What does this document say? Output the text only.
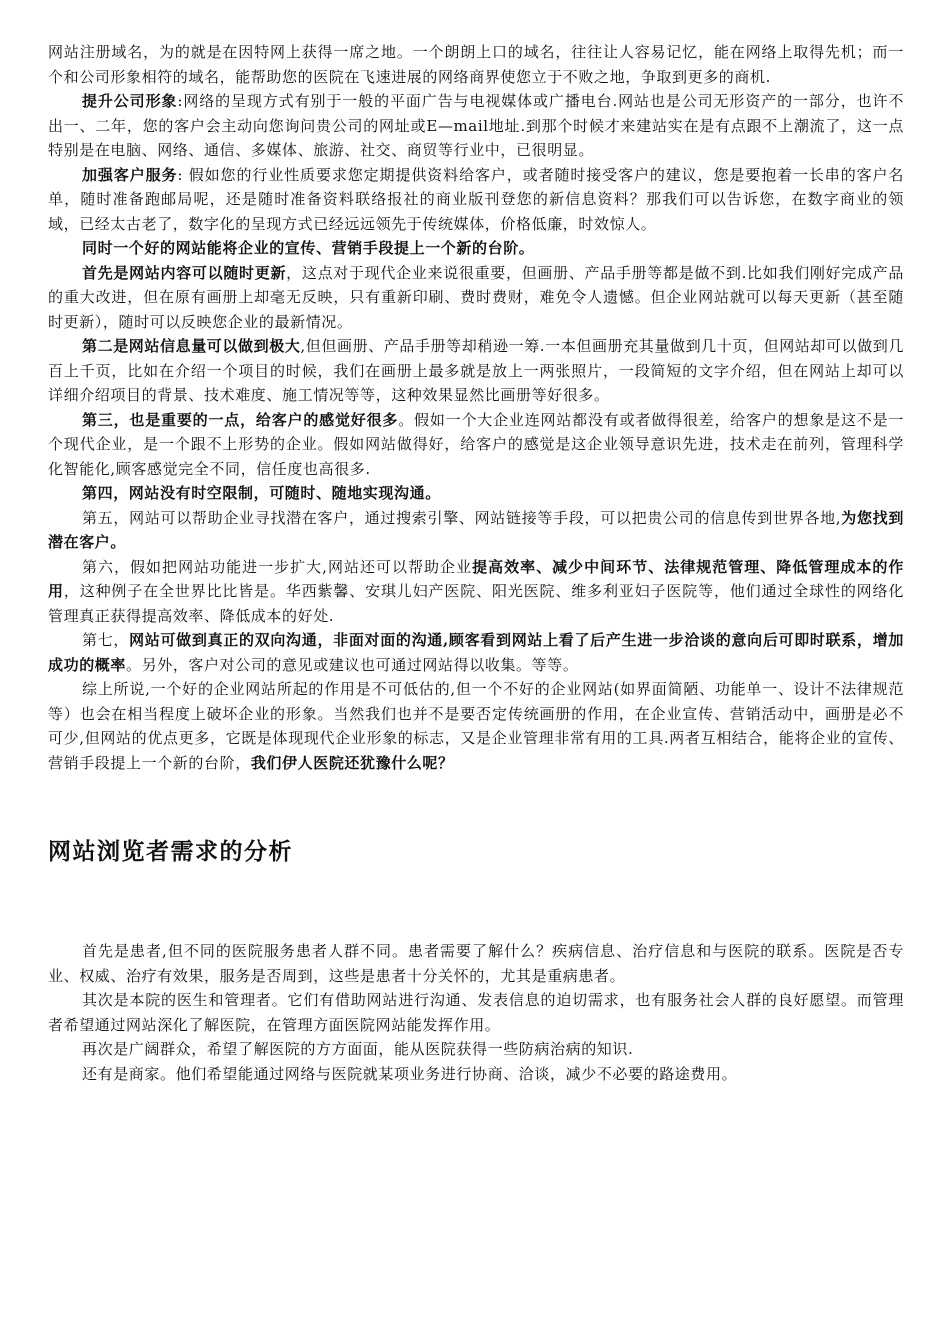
网站注册域名，为的就是在因特网上获得一席之地。一个朗朗上口的域名，往往让人容易记忆，能在网络上取得先机；而一个和公司形象相符的域名，能帮助您的医院在飞速进展的网络商界使您立于不败之地，争取到更多的商机.

提升公司形象:网络的呈现方式有别于一般的平面广告与电视媒体或广播电台.网站也是公司无形资产的一部分，也许不出一、二年，您的客户会主动向您询问贵公司的网址或E—mail地址.到那个时候才来建站实在是有点跟不上潮流了，这一点特别是在电脑、网络、通信、多媒体、旅游、社交、商贸等行业中，已很明显。

加强客户服务: 假如您的行业性质要求您定期提供资料给客户，或者随时接受客户的建议，您是要抱着一长串的客户名单，随时准备跑邮局呢，还是随时准备资料联络报社的商业版刊登您的新信息资料？那我们可以告诉您，在数字商业的领域，已经太古老了，数字化的呈现方式已经远远领先于传统媒体，价格低廉，时效惊人。

同时一个好的网站能将企业的宣传、营销手段提上一个新的台阶。

首先是网站内容可以随时更新，这点对于现代企业来说很重要，但画册、产品手册等都是做不到.比如我们刚好完成产品的重大改进，但在原有画册上却毫无反映，只有重新印刷、费时费财，难免令人遗憾。但企业网站就可以每天更新（甚至随时更新），随时可以反映您企业的最新情况。

第二是网站信息量可以做到极大,但但画册、产品手册等却稍逊一筹.一本但画册充其量做到几十页，但网站却可以做到几百上千页，比如在介绍一个项目的时候，我们在画册上最多就是放上一两张照片，一段简短的文字介绍，但在网站上却可以详细介绍项目的背景、技术难度、施工情况等等，这种效果显然比画册等好很多。

第三，也是重要的一点，给客户的感觉好很多。假如一个大企业连网站都没有或者做得很差，给客户的想象是这不是一个现代企业，是一个跟不上形势的企业。假如网站做得好，给客户的感觉是这企业领导意识先进，技术走在前列，管理科学化智能化,顾客感觉完全不同，信任度也高很多.

第四，网站没有时空限制，可随时、随地实现沟通。

第五，网站可以帮助企业寻找潜在客户，通过搜索引擎、网站链接等手段，可以把贵公司的信息传到世界各地,为您找到潜在客户。

第六，假如把网站功能进一步扩大,网站还可以帮助企业提高效率、减少中间环节、法律规范管理、降低管理成本的作用，这种例子在全世界比比皆是。华西紫馨、安琪儿妇产医院、阳光医院、维多利亚妇子医院等，他们通过全球性的网络化管理真正获得提高效率、降低成本的好处.

第七，网站可做到真正的双向沟通，非面对面的沟通,顾客看到网站上看了后产生进一步洽谈的意向后可即时联系，增加成功的概率。另外，客户对公司的意见或建议也可通过网站得以收集。等等。

综上所说,一个好的企业网站所起的作用是不可低估的,但一个不好的企业网站(如界面简陋、功能单一、设计不法律规范等）也会在相当程度上破坏企业的形象。当然我们也并不是要否定传统画册的作用，在企业宣传、营销活动中，画册是必不可少,但网站的优点更多，它既是体现现代企业形象的标志，又是企业管理非常有用的工具.两者互相结合，能将企业的宣传、营销手段提上一个新的台阶，我们伊人医院还犹豫什么呢？

网站浏览者需求的分析

首先是患者,但不同的医院服务患者人群不同。患者需要了解什么？疾病信息、治疗信息和与医院的联系。医院是否专业、权威、治疗有效果，服务是否周到，这些是患者十分关怀的，尤其是重病患者。

其次是本院的医生和管理者。它们有借助网站进行沟通、发表信息的迫切需求，也有服务社会人群的良好愿望。而管理者希望通过网站深化了解医院，在管理方面医院网站能发挥作用。

再次是广阔群众，希望了解医院的方方面面，能从医院获得一些防病治病的知识.

还有是商家。他们希望能通过网络与医院就某项业务进行协商、洽谈，减少不必要的路途费用。
